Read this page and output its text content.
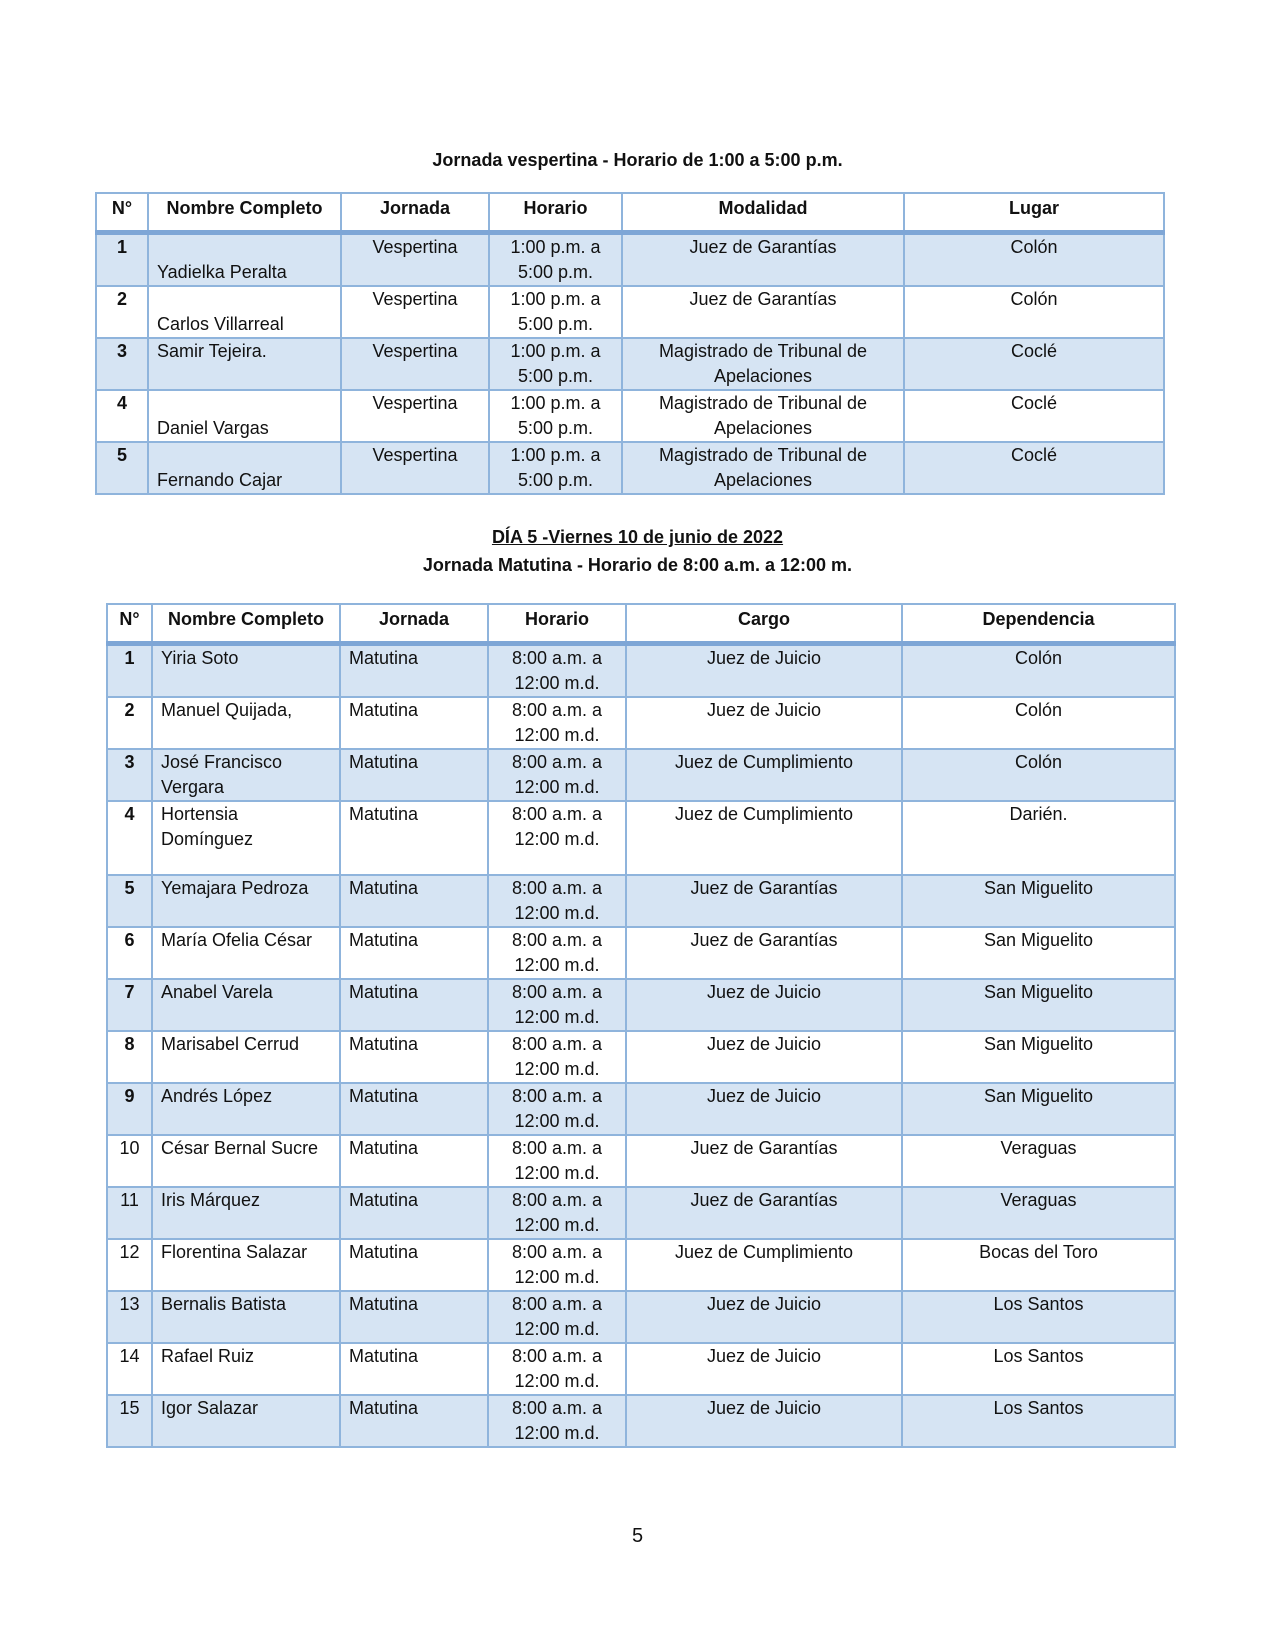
Jornada vespertina - Horario de 1:00 a 5:00 p.m.
N°	Nombre Completo	Jornada	Horario	Modalidad	Lugar
1	Yadielka Peralta	Vespertina	1:00 p.m. a 5:00 p.m.	Juez de Garantías	Colón
2	Carlos Villarreal	Vespertina	1:00 p.m. a 5:00 p.m.	Juez de Garantías	Colón
3	Samir Tejeira.	Vespertina	1:00 p.m. a 5:00 p.m.	Magistrado de Tribunal de Apelaciones	Coclé
4	Daniel Vargas	Vespertina	1:00 p.m. a 5:00 p.m.	Magistrado de Tribunal de Apelaciones	Coclé
5	Fernando Cajar	Vespertina	1:00 p.m. a 5:00 p.m.	Magistrado de Tribunal de Apelaciones	Coclé
DÍA 5 -Viernes 10 de junio de 2022
Jornada Matutina - Horario de 8:00 a.m. a 12:00 m.
N°	Nombre Completo	Jornada	Horario	Cargo	Dependencia
1	Yiria Soto	Matutina	8:00 a.m. a 12:00 m.d.	Juez de Juicio	Colón
2	Manuel Quijada,	Matutina	8:00 a.m. a 12:00 m.d.	Juez de Juicio	Colón
3	José Francisco Vergara	Matutina	8:00 a.m. a 12:00 m.d.	Juez de Cumplimiento	Colón
4	Hortensia Domínguez	Matutina	8:00 a.m. a 12:00 m.d.	Juez de Cumplimiento	Darién.
5	Yemajara Pedroza	Matutina	8:00 a.m. a 12:00 m.d.	Juez de Garantías	San Miguelito
6	María Ofelia César	Matutina	8:00 a.m. a 12:00 m.d.	Juez de Garantías	San Miguelito
7	Anabel Varela	Matutina	8:00 a.m. a 12:00 m.d.	Juez de Juicio	San Miguelito
8	Marisabel Cerrud	Matutina	8:00 a.m. a 12:00 m.d.	Juez de Juicio	San Miguelito
9	Andrés López	Matutina	8:00 a.m. a 12:00 m.d.	Juez de Juicio	San Miguelito
10	César Bernal Sucre	Matutina	8:00 a.m. a 12:00 m.d.	Juez de Garantías	Veraguas
11	Iris Márquez	Matutina	8:00 a.m. a 12:00 m.d.	Juez de Garantías	Veraguas
12	Florentina Salazar	Matutina	8:00 a.m. a 12:00 m.d.	Juez de Cumplimiento	Bocas del Toro
13	Bernalis Batista	Matutina	8:00 a.m. a 12:00 m.d.	Juez de Juicio	Los Santos
14	Rafael Ruiz	Matutina	8:00 a.m. a 12:00 m.d.	Juez de Juicio	Los Santos
15	Igor Salazar	Matutina	8:00 a.m. a 12:00 m.d.	Juez de Juicio	Los Santos
5
